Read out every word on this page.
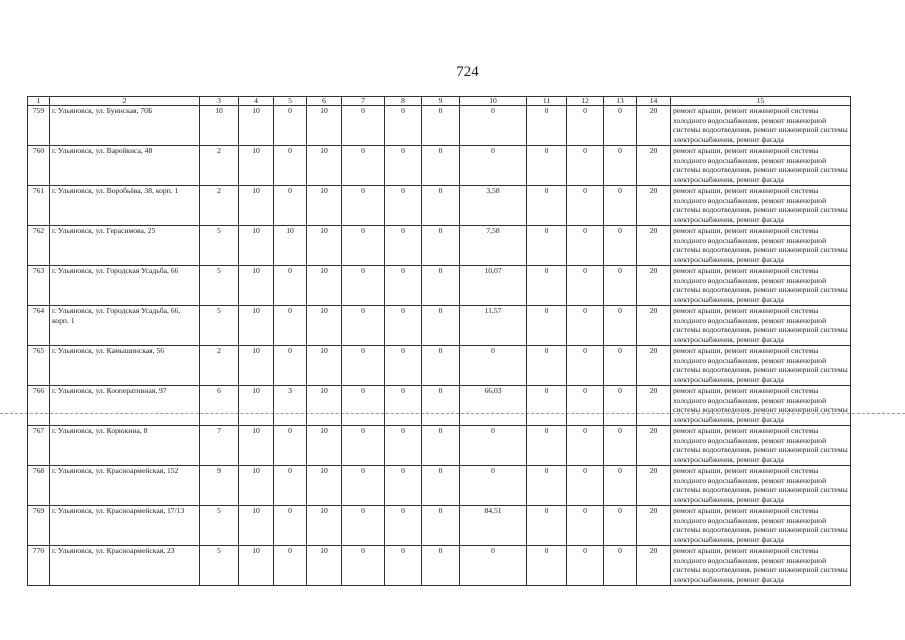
724
1	2	3	4	5	6	7	8	9	10	11	12	13	14	15
759	г. Ульяновск, ул. Буинская, 70Б	10	10	0	10	0	0	0	0	0	0	0	20	ремонт крыши, ремонт инженерной системы холодного водоснабжения, ремонт инженерной системы водоотведения, ремонт инженерной системы электроснабжения, ремонт фасада
760	г. Ульяновск, ул. Варейкиса, 48	2	10	0	10	0	0	0	0	0	0	0	20	ремонт крыши, ремонт инженерной системы холодного водоснабжения, ремонт инженерной системы водоотведения, ремонт инженерной системы электроснабжения, ремонт фасада
761	г. Ульяновск, ул. Воробьёва, 38, корп. 1	2	10	0	10	0	0	0	3,58	0	0	0	20	ремонт крыши, ремонт инженерной системы холодного водоснабжения, ремонт инженерной системы водоотведения, ремонт инженерной системы электроснабжения, ремонт фасада
762	г. Ульяновск, ул. Герасимова, 25	5	10	10	10	0	0	0	7,58	0	0	0	20	ремонт крыши, ремонт инженерной системы холодного водоснабжения, ремонт инженерной системы водоотведения, ремонт инженерной системы электроснабжения, ремонт фасада
763	г. Ульяновск, ул. Городская Усадьба, 66	5	10	0	10	0	0	0	10,07	0	0	0	20	ремонт крыши, ремонт инженерной системы холодного водоснабжения, ремонт инженерной системы водоотведения, ремонт инженерной системы электроснабжения, ремонт фасада
764	г. Ульяновск, ул. Городская Усадьба, 66, корп. 1	5	10	0	10	0	0	0	11,57	0	0	0	20	ремонт крыши, ремонт инженерной системы холодного водоснабжения, ремонт инженерной системы водоотведения, ремонт инженерной системы электроснабжения, ремонт фасада
765	г. Ульяновск, ул. Камышинская, 56	2	10	0	10	0	0	0	0	0	0	0	20	ремонт крыши, ремонт инженерной системы холодного водоснабжения, ремонт инженерной системы водоотведения, ремонт инженерной системы электроснабжения, ремонт фасада
766	г. Ульяновск, ул. Кооперативная, 97	6	10	3	10	0	0	0	66,03	0	0	0	20	ремонт крыши, ремонт инженерной системы холодного водоснабжения, ремонт инженерной системы водоотведения, ремонт инженерной системы электроснабжения, ремонт фасада
767	г. Ульяновск, ул. Корюкина, 8	7	10	0	10	0	0	0	0	0	0	0	20	ремонт крыши, ремонт инженерной системы холодного водоснабжения, ремонт инженерной системы водоотведения, ремонт инженерной системы электроснабжения, ремонт фасада
768	г. Ульяновск, ул. Красноармейская, 152	9	10	0	10	0	0	0	0	0	0	0	20	ремонт крыши, ремонт инженерной системы холодного водоснабжения, ремонт инженерной системы водоотведения, ремонт инженерной системы электроснабжения, ремонт фасада
769	г. Ульяновск, ул. Красноармейская, 17/13	5	10	0	10	0	0	0	84,51	0	0	0	20	ремонт крыши, ремонт инженерной системы холодного водоснабжения, ремонт инженерной системы водоотведения, ремонт инженерной системы электроснабжения, ремонт фасада
770	г. Ульяновск, ул. Красноармейская, 23	5	10	0	10	0	0	0	0	0	0	0	20	ремонт крыши, ремонт инженерной системы холодного водоснабжения, ремонт инженерной системы водоотведения, ремонт инженерной системы электроснабжения, ремонт фасада
